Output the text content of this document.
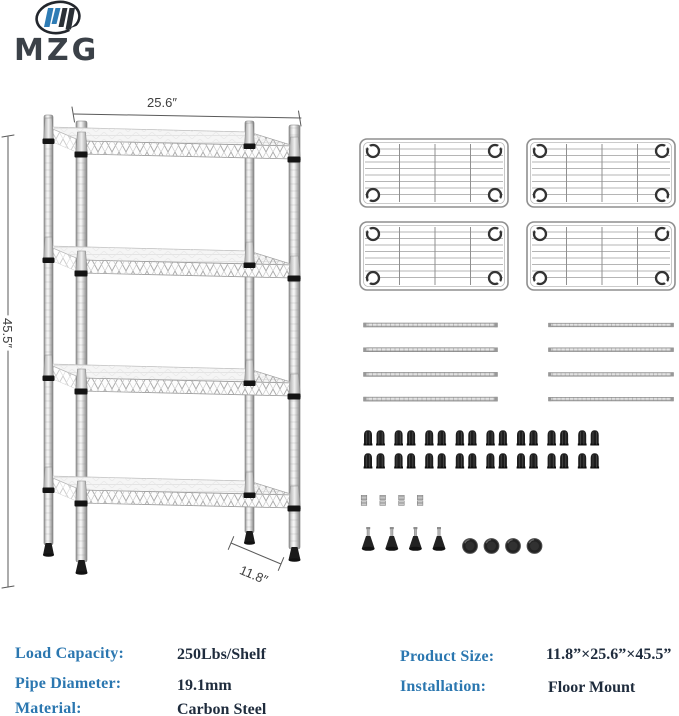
MZG
25.6″
45.5″
11.8″
Load Capacity:	250Lbs/Shelf
Pipe Diameter:	19.1mm
Material:	Carbon Steel
Product Size:	11.8”×25.6”×45.5”
Installation:	Floor Mount
